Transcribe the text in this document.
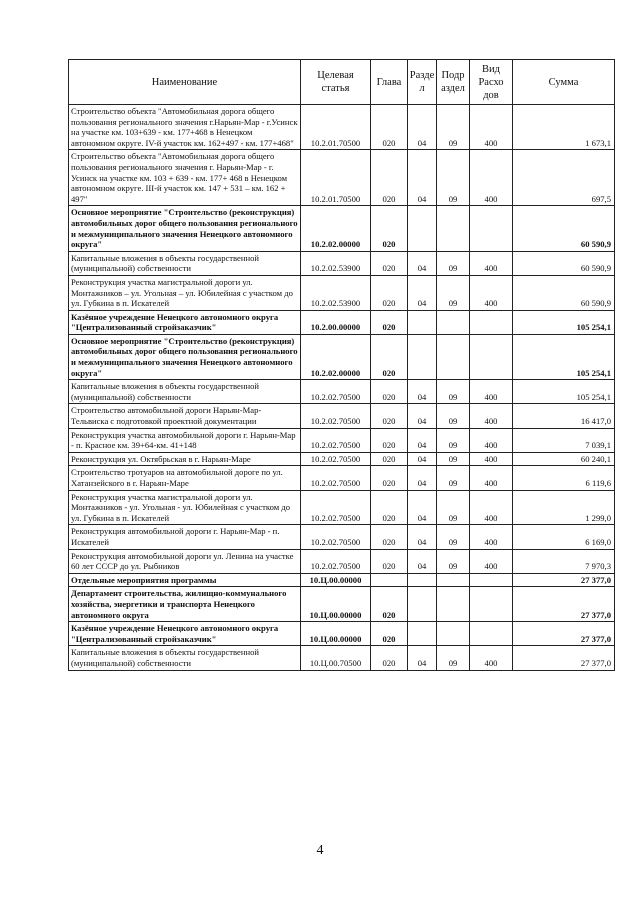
Наименование	Целевая статья	Глава	Разде л	Подр аздел	Вид Расхо дов	Сумма
Строительство объекта "Автомобильная дорога общего пользования регионального значения г.Нарьян-Мар - г.Усинск на участке км. 103+639 - км. 177+468 в Ненецком автономном округе. IV-й участок км. 162+497 - км. 177+468"	10.2.01.70500	020	04	09	400	1 673,1
Строительство объекта "Автомобильная дорога общего пользования регионального значения г. Нарьян-Мар - г. Усинск на участке км. 103 + 639 - км. 177+ 468 в Ненецком автономном округе. III-й участок км. 147 + 531 – км. 162 + 497"	10.2.01.70500	020	04	09	400	697,5
Основное мероприятие "Строительство (реконструкция) автомобильных дорог общего пользования регионального и межмуниципального значения Ненецкого автономного округа"	10.2.02.00000	020				60 590,9
Капитальные вложения в объекты государственной (муниципальной) собственности	10.2.02.53900	020	04	09	400	60 590,9
Реконструкция участка магистральной дороги ул. Монтажников – ул. Угольная – ул. Юбилейная с участком до ул. Губкина в п. Искателей	10.2.02.53900	020	04	09	400	60 590,9
Казённое учреждение Ненецкого автономного округа "Централизованный стройзаказчик"	10.2.00.00000	020				105 254,1
Основное мероприятие "Строительство (реконструкция) автомобильных дорог общего пользования регионального и межмуниципального значения Ненецкого автономного округа"	10.2.02.00000	020				105 254,1
Капитальные вложения в объекты государственной (муниципальной) собственности	10.2.02.70500	020	04	09	400	105 254,1
Строительство автомобильной дороги Нарьян-Мар-Тельвиска с подготовкой проектной документации	10.2.02.70500	020	04	09	400	16 417,0
Реконструкция участка автомобильной дороги г. Нарьян-Мар - п. Красное км. 39+64-км. 41+148	10.2.02.70500	020	04	09	400	7 039,1
Реконструкция ул. Октябрьская в г. Нарьян-Маре	10.2.02.70500	020	04	09	400	60 240,1
Строительство тротуаров на автомобильной дороге по ул. Хатанзейского в г. Нарьян-Маре	10.2.02.70500	020	04	09	400	6 119,6
Реконструкция участка магистральной дороги ул. Монтажников - ул. Угольная - ул. Юбилейная с участком до ул. Губкина в п. Искателей	10.2.02.70500	020	04	09	400	1 299,0
Реконструкция автомобильной дороги г. Нарьян-Мар - п. Искателей	10.2.02.70500	020	04	09	400	6 169,0
Реконструкция автомобильной дороги ул. Ленина на участке 60 лет СССР до ул. Рыбников	10.2.02.70500	020	04	09	400	7 970,3
Отдельные мероприятия программы	10.Ц.00.00000					27 377,0
Департамент строительства, жилищно-коммунального хозяйства, энергетики и транспорта Ненецкого автономного округа	10.Ц.00.00000	020				27 377,0
Казённое учреждение Ненецкого автономного округа "Централизованный стройзаказчик"	10.Ц.00.00000	020				27 377,0
Капитальные вложения в объекты государственной (муниципальной) собственности	10.Ц.00.70500	020	04	09	400	27 377,0
4
